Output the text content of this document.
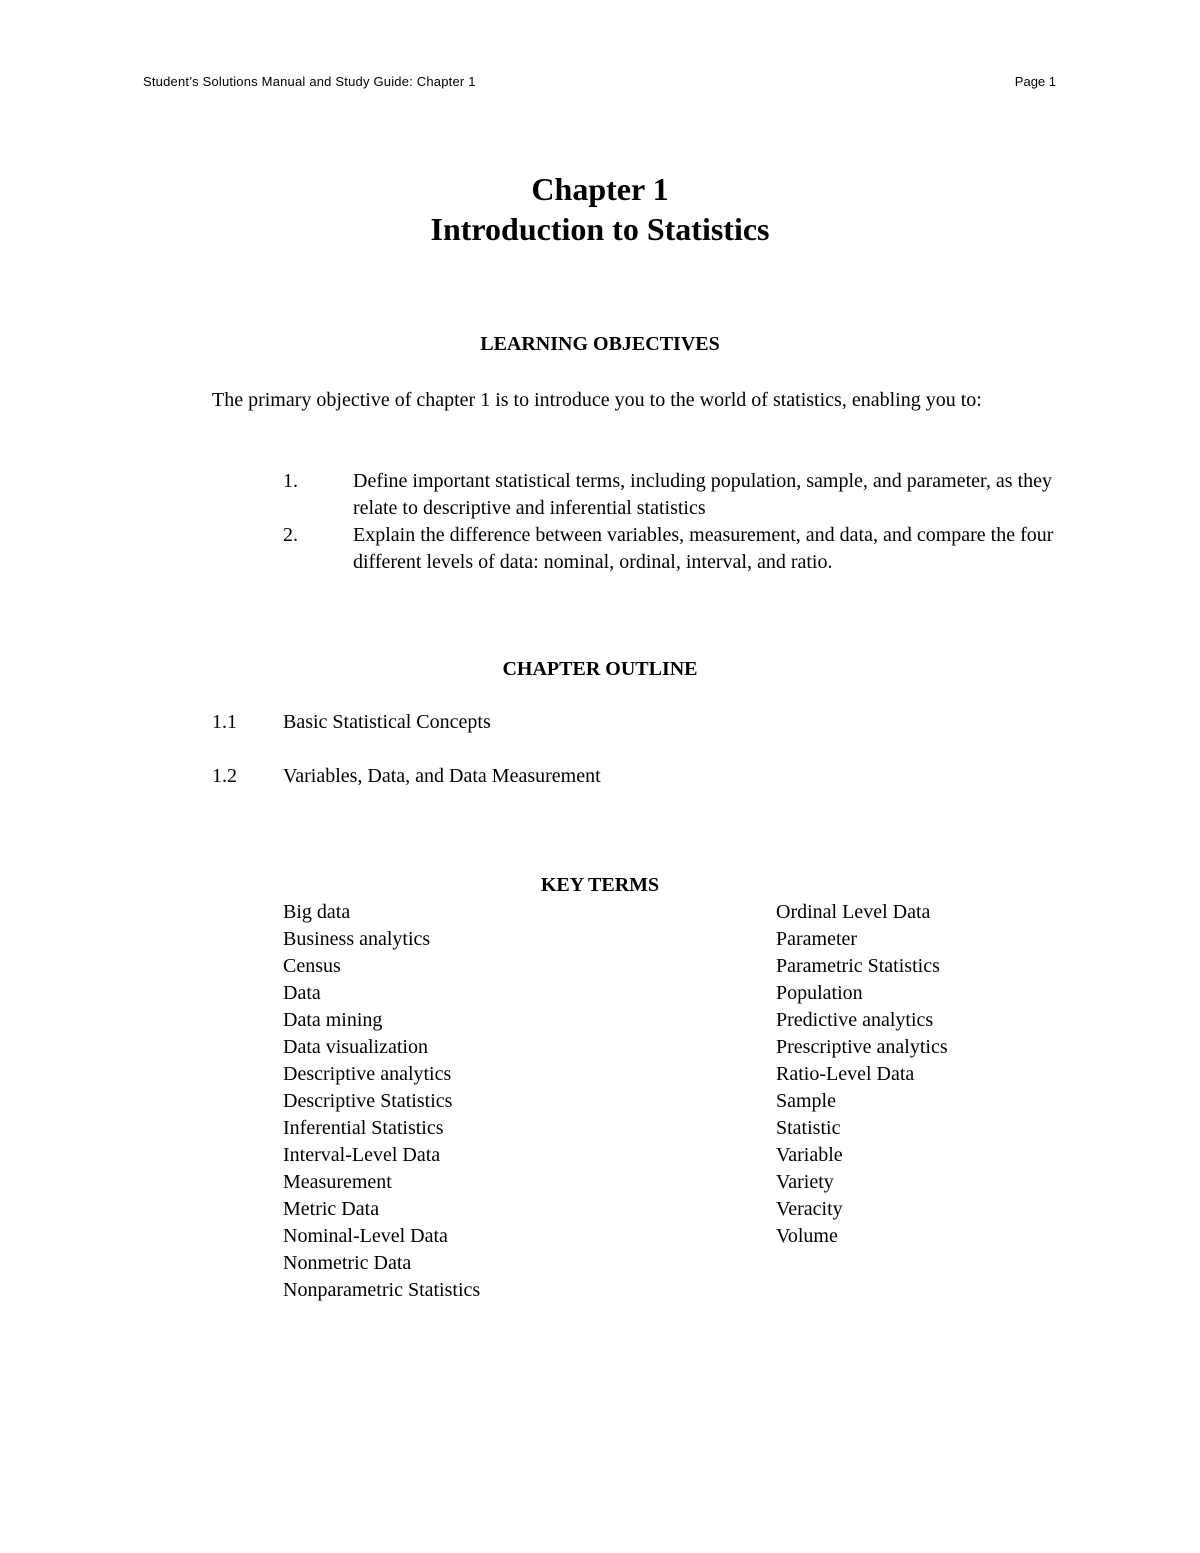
Student’s Solutions Manual and Study Guide: Chapter 1	Page 1
Chapter 1
Introduction to Statistics
LEARNING OBJECTIVES
The primary objective of chapter 1 is to introduce you to the world of statistics, enabling you to:
1.	Define important statistical terms, including population, sample, and parameter, as they relate to descriptive and inferential statistics
2.	Explain the difference between variables, measurement, and data, and compare the four different levels of data: nominal, ordinal, interval, and ratio.
CHAPTER OUTLINE
1.1 Basic Statistical Concepts
1.2 Variables, Data, and Data Measurement
KEY TERMS
Big data
Business analytics
Census
Data
Data mining
Data visualization
Descriptive analytics
Descriptive Statistics
Inferential Statistics
Interval-Level Data
Measurement
Metric Data
Nominal-Level Data
Nonmetric Data
Nonparametric Statistics
Ordinal Level Data
Parameter
Parametric Statistics
Population
Predictive analytics
Prescriptive analytics
Ratio-Level Data
Sample
Statistic
Variable
Variety
Veracity
Volume
